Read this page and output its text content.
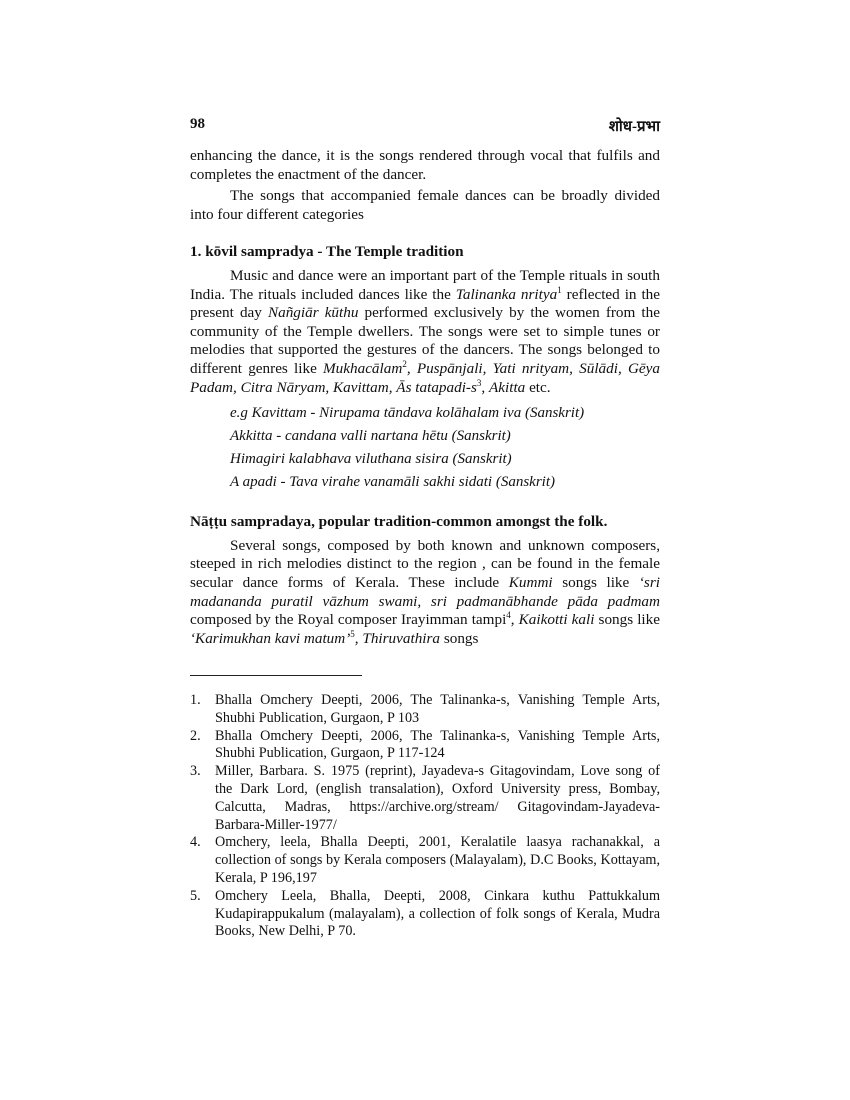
98	शोध-प्रभा

enhancing the dance, it is the songs rendered through vocal that fulfils and completes the enactment of the dancer.

The songs that accompanied female dances can be broadly divided into four different categories

1. kōvil sampradya - The Temple tradition

Music and dance were an important part of the Temple rituals in south India. The rituals included dances like the Talinanka nritya$^1$ reflected in the present day Nañgiār kūthu performed exclusively by the women from the community of the Temple dwellers. The songs were set to simple tunes or melodies that supported the gestures of the dancers. The songs belonged to different genres like Mukhacālam$^2$, Puspānjali, Yati nrityam, Sūlādi, Gēya Padam, Citra Nāryam, Kavittam, Ās tatapadi-$s^3$, Akitta etc.

e.g Kavittam - Nirupama tāndava kolāhalam iva (Sanskrit)
Akkitta - candana valli nartana hētu (Sanskrit)
Himagiri kalabhava viluthana sisira (Sanskrit)
A apadi - Tava virahe vanamāli sakhi sidati (Sanskrit)
Nāṭṭu sampradaya, popular tradition-common amongst the folk.

Several songs, composed by both known and unknown composers, steeped in rich melodies distinct to the region , can be found in the female secular dance forms of Kerala. These include Kummi songs like ‘sri madananda puratil vāzhum swami, sri padmanābhande pāda padmam composed by the Royal composer Irayimman tampi$^4$, Kaikotti kali songs like ‘Karimukhan kavi matum’$^5$, Thiruvathira songs

1.	Bhalla Omchery Deepti, 2006, The Talinanka-s, Vanishing Temple Arts, Shubhi Publication, Gurgaon, P 103
2.	Bhalla Omchery Deepti, 2006, The Talinanka-s, Vanishing Temple Arts, Shubhi Publication, Gurgaon, P 117-124
3.	Miller, Barbara. S. 1975 (reprint), Jayadeva-s Gitagovindam, Love song of the Dark Lord, (english transalation), Oxford University press, Bombay, Calcutta, Madras, https://archive.org/stream/ Gitagovindam-Jayadeva-Barbara-Miller-1977/
4.	Omchery, leela, Bhalla Deepti, 2001, Keralatile laasya rachanakkal, a collection of songs by Kerala composers (Malayalam), D.C Books, Kottayam, Kerala, P 196,197
5.	Omchery Leela, Bhalla, Deepti, 2008, Cinkara kuthu Pattukkalum Kudapirappukalum (malayalam), a collection of folk songs of Kerala, Mudra Books, New Delhi, P 70.
